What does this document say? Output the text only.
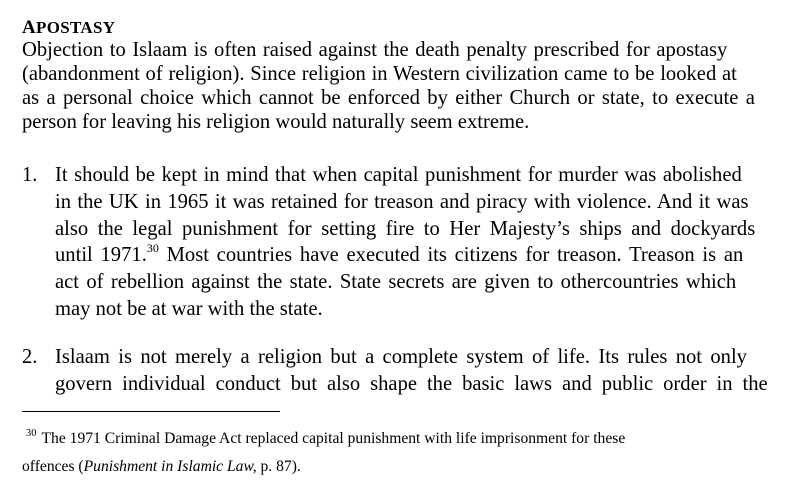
APOSTASY
Objection to Islaam is often raised against the death penalty prescribed for apostasy
(abandonment of religion). Since religion in Western civilization came to be looked at
as a personal choice which cannot be enforced by either Church or state, to execute a
person for leaving his religion would naturally seem extreme.
1. It should be kept in mind that when capital punishment for murder was abolished
in the UK in 1965 it was retained for treason and piracy with violence. And it was
also the legal punishment for setting fire to Her Majesty’s ships and dockyards
until 1971.30 Most countries have executed its citizens for treason. Treason is an
act of rebellion against the state. State secrets are given to othercountries which
may not be at war with the state.
2. Islaam is not merely a religion but a complete system of life. Its rules not only
govern individual conduct but also shape the basic laws and public order in the
$^{30}$ The 1971 Criminal Damage Act replaced capital punishment with life imprisonment for these
offences (Punishment in Islamic Law, p. 87).
